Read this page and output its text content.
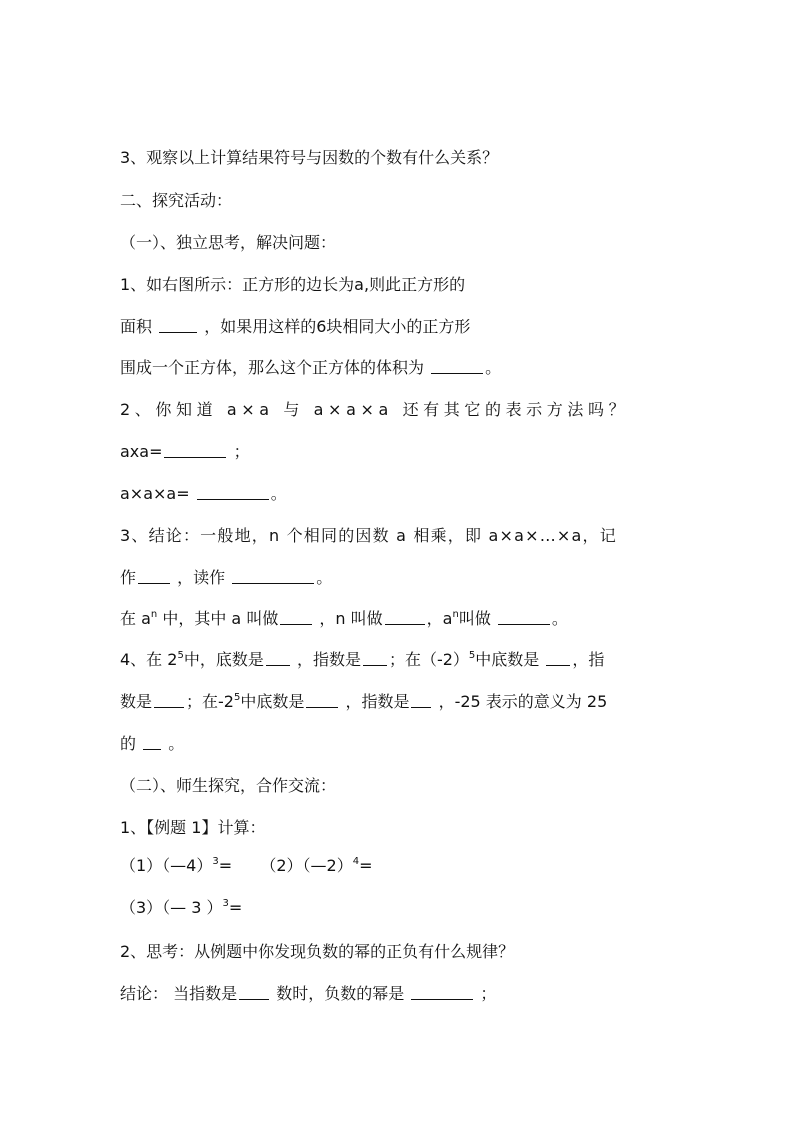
3、观察以上计算结果符号与因数的个数有什么关系？
二、探究活动：
（一）、独立思考，解决问题：
1、如右图所示：正方形的边长为a,则此正方形的
面积	，如果用这样的6块相同大小的正方形
围成一个正方体，那么这个正方体的体积为	。
2、你知道 a×a 与 a×a×a 还有其它的表示方法吗？
axa=	；
a×a×a=	。
3、结论：一般地，n 个相同的因数 a 相乘，即 a×a×…×a，记
作	，读作	。
在 $a^n$ 中，其中 a 叫做	，n 叫做	，$a^n$叫做	。
4、在 $2^5$中，底数是 ，指数是 ；在$(-2)^5$中底数是 ，指
数是 ；在$-2^5$中底数是	，指数是 ，-25 表示的意义为 25
的 。
（二）、师生探究，合作交流：
1、【例题 1】计算：
（1）（—4）$^3$= （2）（—2）$^4$=
（3）（— 3 ）$^3$=
2、思考：从例题中你发现负数的幂的正负有什么规律？
结论： 当指数是 数时，负数的幂是	；
